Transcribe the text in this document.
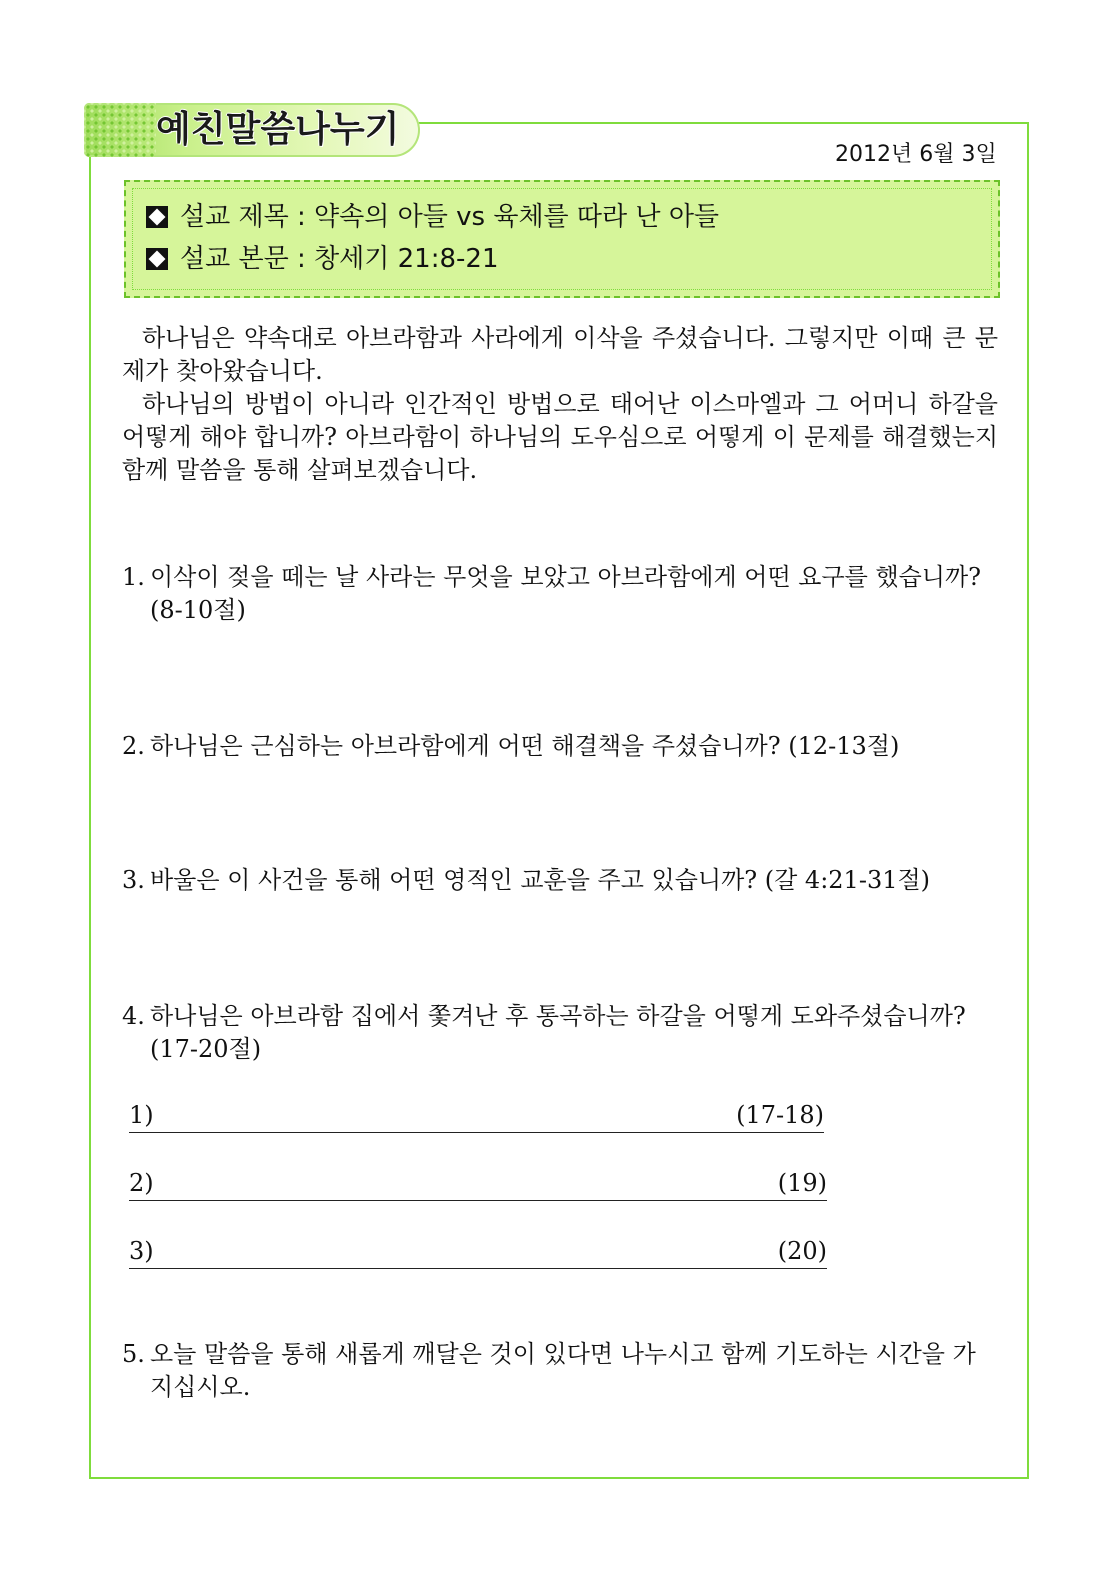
예친말씀나누기
2012년 6월 3일
설교 제목 : 약속의 아들 vs 육체를 따라 난 아들
설교 본문 : 창세기 21:8-21

하나님은 약속대로 아브라함과 사라에게 이삭을 주셨습니다. 그렇지만 이때 큰 문제가 찾아왔습니다.

하나님의 방법이 아니라 인간적인 방법으로 태어난 이스마엘과 그 어머니 하갈을 어떻게 해야 합니까? 아브라함이 하나님의 도우심으로 어떻게 이 문제를 해결했는지 함께 말씀을 통해 살펴보겠습니다.

1. 이삭이 젖을 떼는 날 사라는 무엇을 보았고 아브라함에게 어떤 요구를 했습니까? (8-10절)
2. 하나님은 근심하는 아브라함에게 어떤 해결책을 주셨습니까? (12-13절)
3. 바울은 이 사건을 통해 어떤 영적인 교훈을 주고 있습니까? (갈 4:21-31절)
4. 하나님은 아브라함 집에서 쫓겨난 후 통곡하는 하갈을 어떻게 도와주셨습니까? (17-20절)
1)	(17-18)
2)	(19)
3)	(20)
5. 오늘 말씀을 통해 새롭게 깨달은 것이 있다면 나누시고 함께 기도하는 시간을 가지십시오.
